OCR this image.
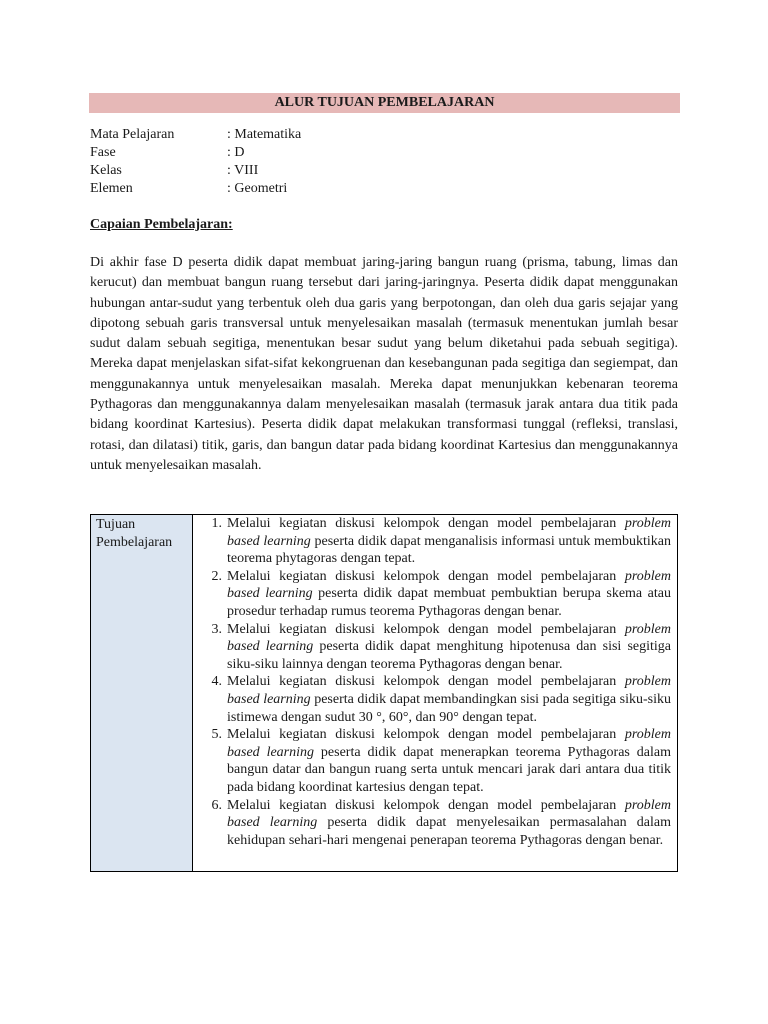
ALUR TUJUAN PEMBELAJARAN
Mata Pelajaran	: Matematika
Fase	: D
Kelas	: VIII
Elemen	: Geometri
Capaian Pembelajaran:

Di akhir fase D peserta didik dapat membuat jaring-jaring bangun ruang (prisma, tabung, limas dan kerucut) dan membuat bangun ruang tersebut dari jaring-jaringnya. Peserta didik dapat menggunakan hubungan antar-sudut yang terbentuk oleh dua garis yang berpotongan, dan oleh dua garis sejajar yang dipotong sebuah garis transversal untuk menyelesaikan masalah (termasuk menentukan jumlah besar sudut dalam sebuah segitiga, menentukan besar sudut yang belum diketahui pada sebuah segitiga). Mereka dapat menjelaskan sifat-sifat kekongruenan dan kesebangunan pada segitiga dan segiempat, dan menggunakannya untuk menyelesaikan masalah. Mereka dapat menunjukkan kebenaran teorema Pythagoras dan menggunakannya dalam menyelesaikan masalah (termasuk jarak antara dua titik pada bidang koordinat Kartesius). Peserta didik dapat melakukan transformasi tunggal (refleksi, translasi, rotasi, dan dilatasi) titik, garis, dan bangun datar pada bidang koordinat Kartesius dan menggunakannya untuk menyelesaikan masalah.

Tujuan Pembelajaran
1. Melalui kegiatan diskusi kelompok dengan model pembelajaran problem based learning peserta didik dapat menganalisis informasi untuk membuktikan teorema phytagoras dengan tepat.
2. Melalui kegiatan diskusi kelompok dengan model pembelajaran problem based learning peserta didik dapat membuat pembuktian berupa skema atau prosedur terhadap rumus teorema Pythagoras dengan benar.
3. Melalui kegiatan diskusi kelompok dengan model pembelajaran problem based learning peserta didik dapat menghitung hipotenusa dan sisi segitiga siku-siku lainnya dengan teorema Pythagoras dengan benar.
4. Melalui kegiatan diskusi kelompok dengan model pembelajaran problem based learning peserta didik dapat membandingkan sisi pada segitiga siku-siku istimewa dengan sudut 30 °, 60°, dan 90° dengan tepat.
5. Melalui kegiatan diskusi kelompok dengan model pembelajaran problem based learning peserta didik dapat menerapkan teorema Pythagoras dalam bangun datar dan bangun ruang serta untuk mencari jarak dari antara dua titik pada bidang koordinat kartesius dengan tepat.
6. Melalui kegiatan diskusi kelompok dengan model pembelajaran problem based learning peserta didik dapat menyelesaikan permasalahan dalam kehidupan sehari-hari mengenai penerapan teorema Pythagoras dengan benar.
